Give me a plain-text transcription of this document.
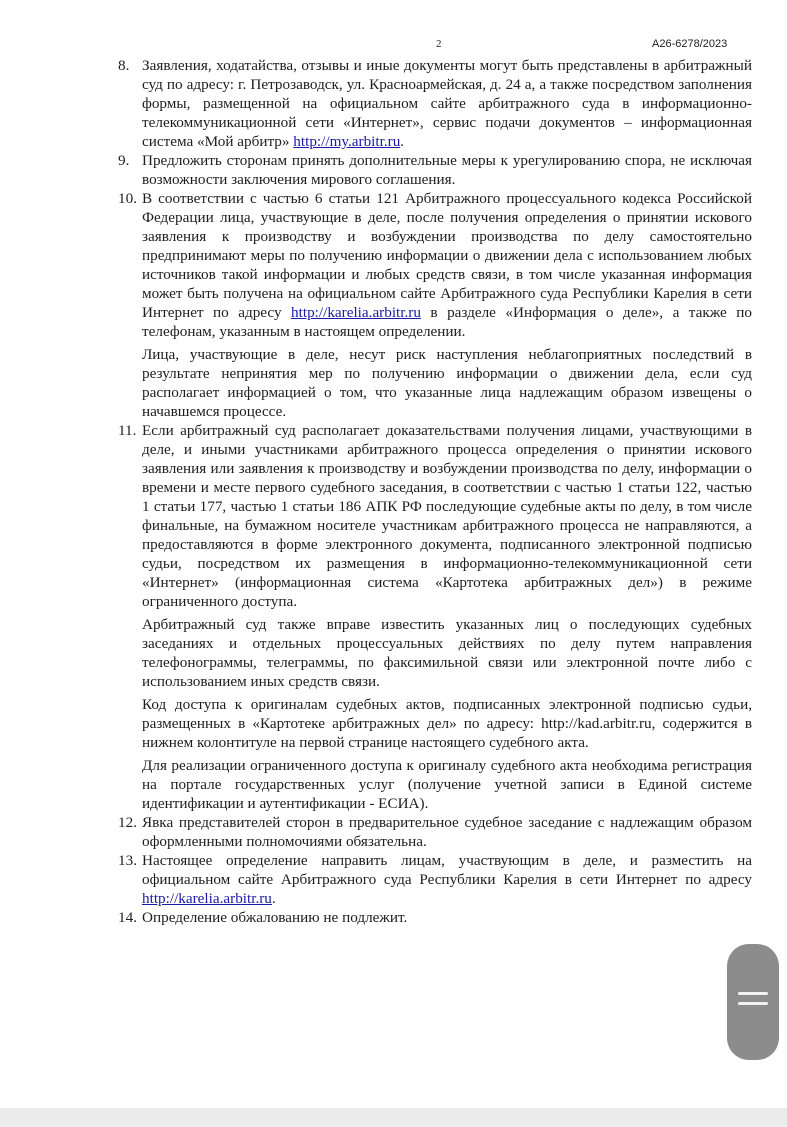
2	А26-6278/2023
8. Заявления, ходатайства, отзывы и иные документы могут быть представлены в арбитражный суд по адресу: г. Петрозаводск, ул. Красноармейская, д. 24 а, а также посредством заполнения формы, размещенной на официальном сайте арбитражного суда в информационно-телекоммуникационной сети «Интернет», сервис подачи документов – информационная система «Мой арбитр» http://my.arbitr.ru.

9. Предложить сторонам принять дополнительные меры к урегулированию спора, не исключая возможности заключения мирового соглашения.

10. В соответствии с частью 6 статьи 121 Арбитражного процессуального кодекса Российской Федерации лица, участвующие в деле, после получения определения о принятии искового заявления к производству и возбуждении производства по делу самостоятельно предпринимают меры по получению информации о движении дела с использованием любых источников такой информации и любых средств связи, в том числе указанная информация может быть получена на официальном сайте Арбитражного суда Республики Карелия в сети Интернет по адресу http://karelia.arbitr.ru в разделе «Информация о деле», а также по телефонам, указанным в настоящем определении.

Лица, участвующие в деле, несут риск наступления неблагоприятных последствий в результате непринятия мер по получению информации о движении дела, если суд располагает информацией о том, что указанные лица надлежащим образом извещены о начавшемся процессе.

11. Если арбитражный суд располагает доказательствами получения лицами, участвующими в деле, и иными участниками арбитражного процесса определения о принятии искового заявления или заявления к производству и возбуждении производства по делу, информации о времени и месте первого судебного заседания, в соответствии с частью 1 статьи 122, частью 1 статьи 177, частью 1 статьи 186 АПК РФ последующие судебные акты по делу, в том числе финальные, на бумажном носителе участникам арбитражного процесса не направляются, а предоставляются в форме электронного документа, подписанного электронной подписью судьи, посредством их размещения в информационно-телекоммуникационной сети «Интернет» (информационная система «Картотека арбитражных дел») в режиме ограниченного доступа.

Арбитражный суд также вправе известить указанных лиц о последующих судебных заседаниях и отдельных процессуальных действиях по делу путем направления телефонограммы, телеграммы, по факсимильной связи или электронной почте либо с использованием иных средств связи.

Код доступа к оригиналам судебных актов, подписанных электронной подписью судьи, размещенных в «Картотеке арбитражных дел» по адресу: http://kad.arbitr.ru, содержится в нижнем колонтитуле на первой странице настоящего судебного акта.

Для реализации ограниченного доступа к оригиналу судебного акта необходима регистрация на портале государственных услуг (получение учетной записи в Единой системе идентификации и аутентификации - ЕСИА).

12. Явка представителей сторон в предварительное судебное заседание с надлежащим образом оформленными полномочиями обязательна.

13. Настоящее определение направить лицам, участвующим в деле, и разместить на официальном сайте Арбитражного суда Республики Карелия в сети Интернет по адресу http://karelia.arbitr.ru.

14. Определение обжалованию не подлежит.
